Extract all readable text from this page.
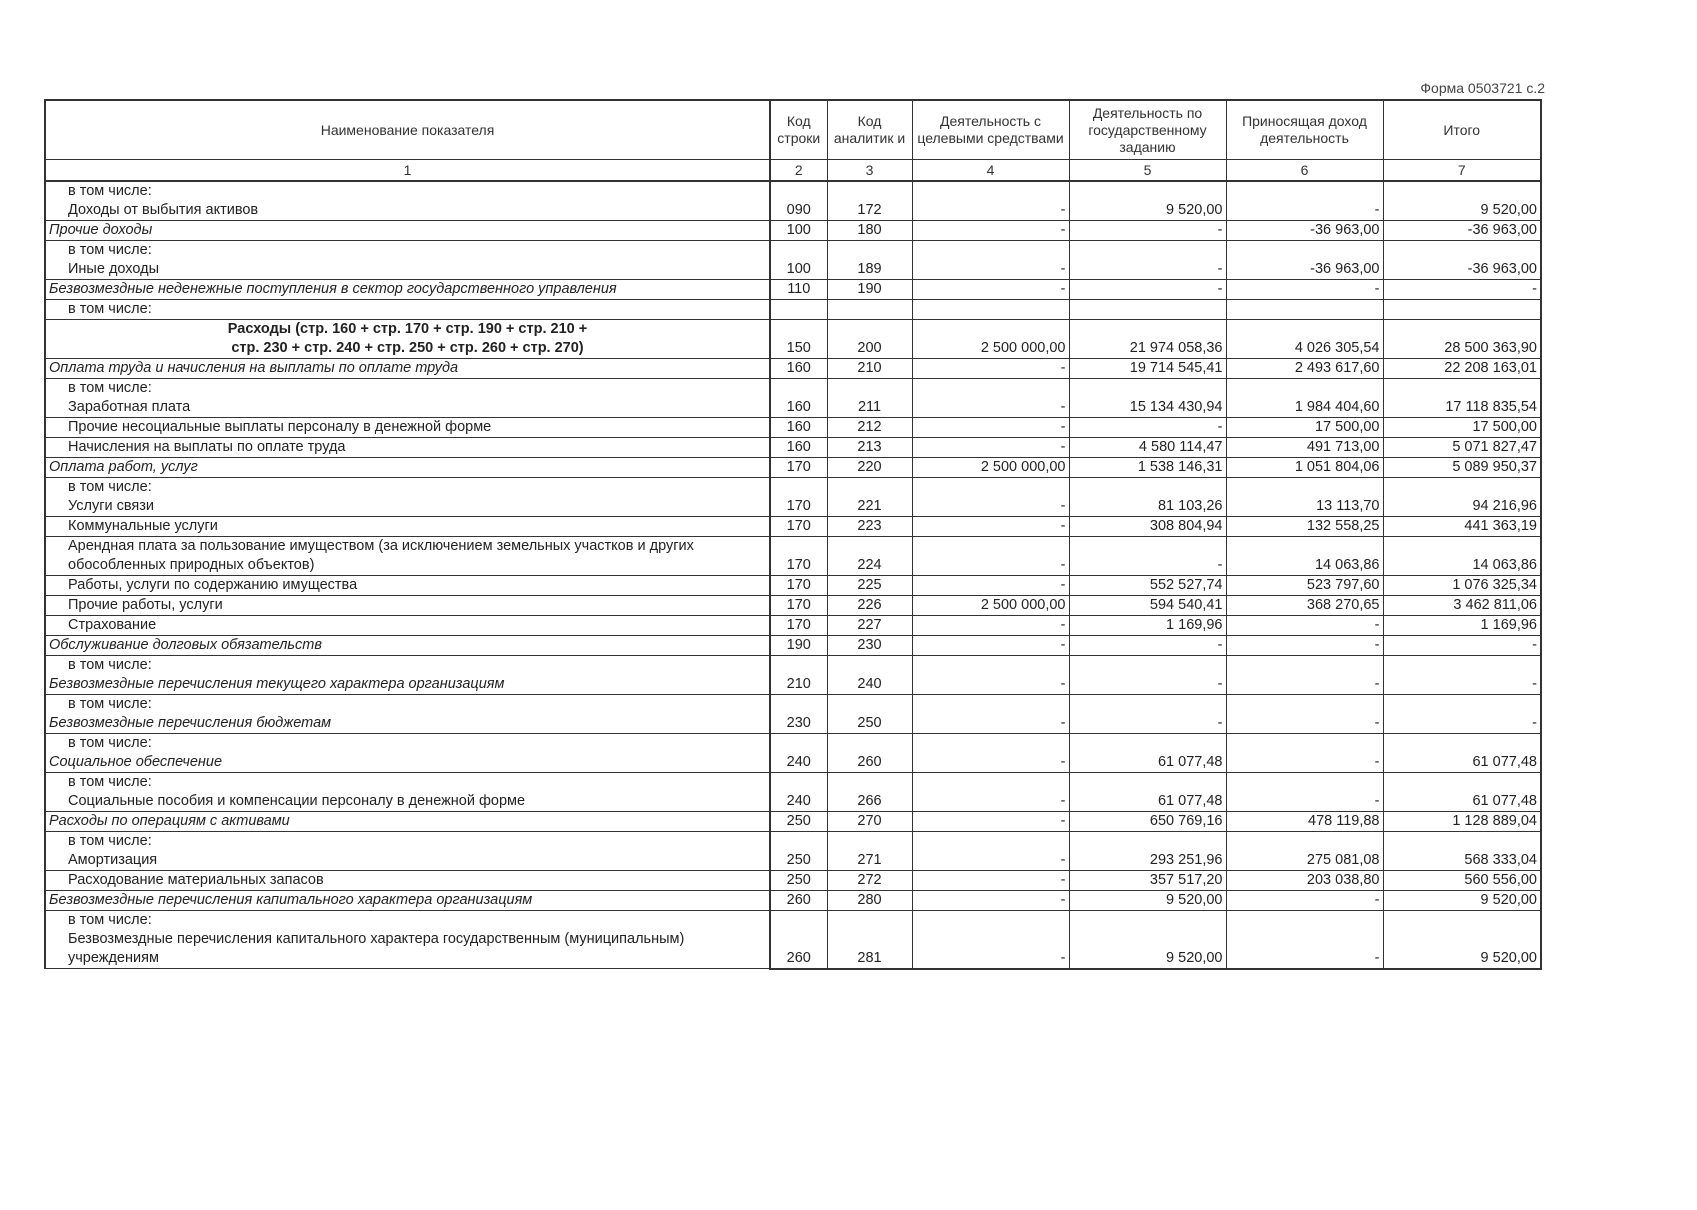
Форма 0503721 с.2
Наименование показателя	Код строки	Код аналитик и	Деятельность с целевыми средствами	Деятельность по государственному заданию	Приносящая доход деятельность	Итого
1	2	3	4	5	6	7
в том числе:						
Доходы от выбытия активов	090	172	-	9 520,00	-	9 520,00
Прочие доходы	100	180	-	-	-36 963,00	-36 963,00
в том числе:						
Иные доходы	100	189	-	-	-36 963,00	-36 963,00
Безвозмездные неденежные поступления в сектор государственного управления	110	190	-	-	-	-
в том числе:						
Расходы (стр. 160 + стр. 170 + стр. 190 + стр. 210 +
стр. 230 + стр. 240 + стр. 250 + стр. 260 + стр. 270)	150	200	2 500 000,00	21 974 058,36	4 026 305,54	28 500 363,90
Оплата труда и начисления на выплаты по оплате труда	160	210	-	19 714 545,41	2 493 617,60	22 208 163,01
в том числе:						
Заработная плата	160	211	-	15 134 430,94	1 984 404,60	17 118 835,54
Прочие несоциальные выплаты персоналу в денежной форме	160	212	-	-	17 500,00	17 500,00
Начисления на выплаты по оплате труда	160	213	-	4 580 114,47	491 713,00	5 071 827,47
Оплата работ, услуг	170	220	2 500 000,00	1 538 146,31	1 051 804,06	5 089 950,37
в том числе:						
Услуги связи	170	221	-	81 103,26	13 113,70	94 216,96
Коммунальные услуги	170	223	-	308 804,94	132 558,25	441 363,19
Арендная плата за пользование имуществом (за исключением земельных участков и других обособленных природных объектов)	170	224	-	-	14 063,86	14 063,86
Работы, услуги по содержанию имущества	170	225	-	552 527,74	523 797,60	1 076 325,34
Прочие работы, услуги	170	226	2 500 000,00	594 540,41	368 270,65	3 462 811,06
Страхование	170	227	-	1 169,96	-	1 169,96
Обслуживание долговых обязательств	190	230	-	-	-	-
в том числе:						
Безвозмездные перечисления текущего характера организациям	210	240	-	-	-	-
в том числе:						
Безвозмездные перечисления бюджетам	230	250	-	-	-	-
в том числе:						
Социальное обеспечение	240	260	-	61 077,48	-	61 077,48
в том числе:						
Социальные пособия и компенсации персоналу в денежной форме	240	266	-	61 077,48	-	61 077,48
Расходы по операциям с активами	250	270	-	650 769,16	478 119,88	1 128 889,04
в том числе:						
Амортизация	250	271	-	293 251,96	275 081,08	568 333,04
Расходование материальных запасов	250	272	-	357 517,20	203 038,80	560 556,00
Безвозмездные перечисления капитального характера организациям	260	280	-	9 520,00	-	9 520,00
в том числе:						
Безвозмездные перечисления капитального характера государственным (муниципальным) учреждениям	260	281	-	9 520,00	-	9 520,00
